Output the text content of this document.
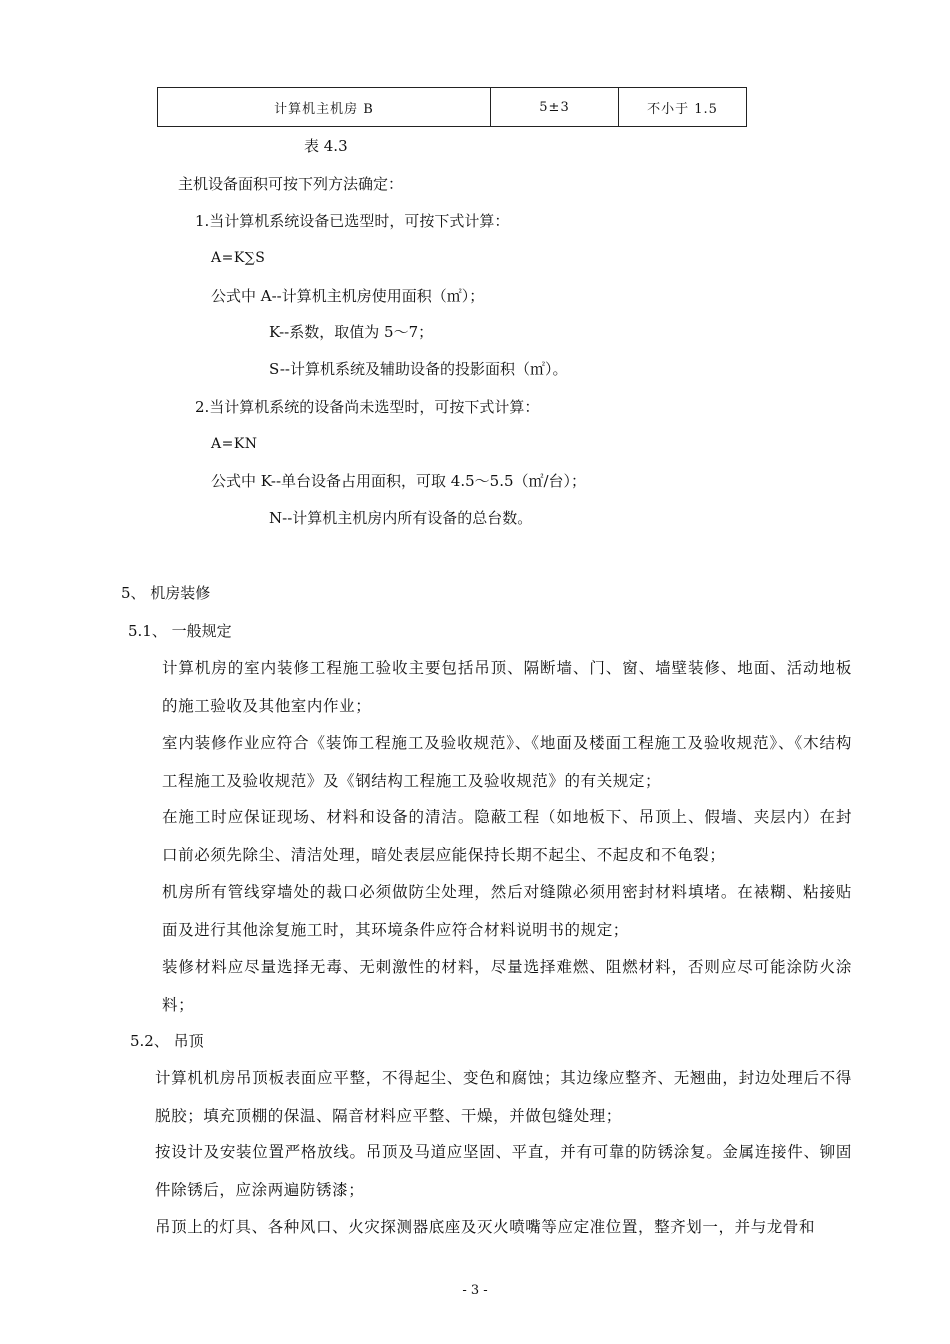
计算机主机房 B	5±3	不小于 1.5
表 4.3
主机设备面积可按下列方法确定：
1.当计算机系统设备已选型时，可按下式计算：
A=K∑S
公式中 A--计算机主机房使用面积（㎡）；
K--系数，取值为 5～7；
S--计算机系统及辅助设备的投影面积（㎡）。
2.当计算机系统的设备尚未选型时，可按下式计算：
A=KN
公式中 K--单台设备占用面积，可取 4.5～5.5（㎡/台）；
N--计算机主机房内所有设备的总台数。
5、 机房装修
5.1、 一般规定
计算机房的室内装修工程施工验收主要包括吊顶、隔断墙、门、窗、墙壁装修、地面、活动地板的施工验收及其他室内作业；
室内装修作业应符合《装饰工程施工及验收规范》、《地面及楼面工程施工及验收规范》、《木结构工程施工及验收规范》及《钢结构工程施工及验收规范》的有关规定；
在施工时应保证现场、材料和设备的清洁。隐蔽工程（如地板下、吊顶上、假墙、夹层内）在封口前必须先除尘、清洁处理，暗处表层应能保持长期不起尘、不起皮和不龟裂；
机房所有管线穿墙处的裁口必须做防尘处理，然后对缝隙必须用密封材料填堵。在裱糊、粘接贴面及进行其他涂复施工时，其环境条件应符合材料说明书的规定；
装修材料应尽量选择无毒、无刺激性的材料，尽量选择难燃、阻燃材料，否则应尽可能涂防火涂料；
5.2、 吊顶
计算机机房吊顶板表面应平整，不得起尘、变色和腐蚀；其边缘应整齐、无翘曲，封边处理后不得脱胶；填充顶棚的保温、隔音材料应平整、干燥，并做包缝处理；
按设计及安装位置严格放线。吊顶及马道应坚固、平直，并有可靠的防锈涂复。金属连接件、铆固件除锈后，应涂两遍防锈漆；
吊顶上的灯具、各种风口、火灾探测器底座及灭火喷嘴等应定准位置，整齐划一，并与龙骨和
- 3 -
